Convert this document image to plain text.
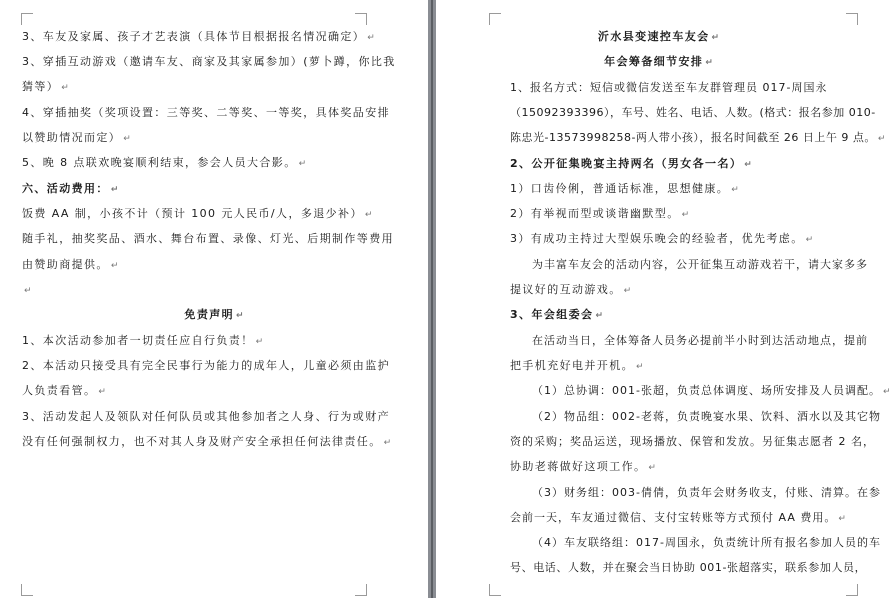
3、车友及家属、孩子才艺表演（具体节目根据报名情况确定） ↵
3、穿插互动游戏（邀请车友、商家及其家属参加）(萝卜蹲，你比我
猜等） ↵
4、穿插抽奖（奖项设置：三等奖、二等奖、一等奖，具体奖品安排
以赞助情况而定） ↵
5、晚 8 点联欢晚宴顺利结束，参会人员大合影。 ↵
六、活动费用： ↵
饭费 AA 制，小孩不计（预计 100 元人民币/人，多退少补） ↵
随手礼，抽奖奖品、酒水、舞台布置、录像、灯光、后期制作等费用
由赞助商提供。 ↵
↵
免责声明 ↵
1、本次活动参加者一切责任应自行负责！ ↵
2、本活动只接受具有完全民事行为能力的成年人，儿童必须由监护
人负责看管。 ↵
3、活动发起人及领队对任何队员或其他参加者之人身、行为或财产
没有任何强制权力，也不对其人身及财产安全承担任何法律责任。 ↵
沂水县变速控车友会 ↵
年会筹备细节安排 ↵
1、报名方式：短信或微信发送至车友群管理员 017-周国永
（15092393396），车号、姓名、电话、人数。(格式：报名参加 010-
陈忠光-13573998258-两人带小孩），报名时间截至 26 日上午 9 点。 ↵
2、公开征集晚宴主持两名（男女各一名） ↵
1）口齿伶俐，普通话标准，思想健康。 ↵
2）有举视而型或谈谐幽默型。 ↵
3）有成功主持过大型娱乐晚会的经验者，优先考虑。 ↵
为丰富车友会的活动内容，公开征集互动游戏若干，请大家多多
提议好的互动游戏。 ↵
3、年会组委会 ↵
在活动当日，全体筹备人员务必提前半小时到达活动地点，提前
把手机充好电并开机。 ↵
（1）总协调：001-张超，负责总体调度、场所安排及人员调配。 ↵
（2）物品组：002-老蒋，负责晚宴水果、饮料、酒水以及其它物
资的采购；奖品运送，现场播放、保管和发放。另征集志愿者 2 名，
协助老蒋做好这项工作。 ↵
（3）财务组：003-倩倩，负责年会财务收支，付账、清算。在参
会前一天，车友通过微信、支付宝转账等方式预付 AA 费用。 ↵
（4）车友联络组：017-周国永，负责统计所有报名参加人员的车
号、电话、人数，并在聚会当日协助 001-张超落实，联系参加人员，
